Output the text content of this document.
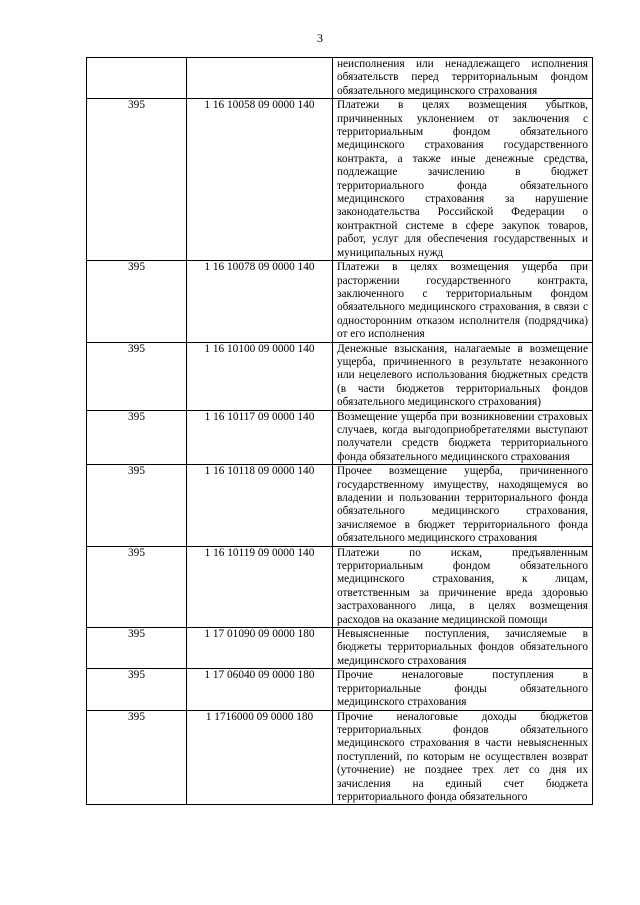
3
		неисполнения или ненадлежащего исполнения обязательств перед территориальным фондом обязательного медицинского страхования
395	1 16 10058 09 0000 140	Платежи в целях возмещения убытков, причиненных уклонением от заключения с территориальным фондом обязательного медицинского страхования государственного контракта, а также иные денежные средства, подлежащие зачислению в бюджет территориального фонда обязательного медицинского страхования за нарушение законодательства Российской Федерации о контрактной системе в сфере закупок товаров, работ, услуг для обеспечения государственных и муниципальных нужд
395	1 16 10078 09 0000 140	Платежи в целях возмещения ущерба при расторжении государственного контракта, заключенного с территориальным фондом обязательного медицинского страхования, в связи с односторонним отказом исполнителя (подрядчика) от его исполнения
395	1 16 10100 09 0000 140	Денежные взыскания, налагаемые в возмещение ущерба, причиненного в результате незаконного или нецелевого использования бюджетных средств (в части бюджетов территориальных фондов обязательного медицинского страхования)
395	1 16 10117 09 0000 140	Возмещение ущерба при возникновении страховых случаев, когда выгодоприобретателями выступают получатели средств бюджета территориального фонда обязательного медицинского страхования
395	1 16 10118 09 0000 140	Прочее возмещение ущерба, причиненного государственному имуществу, находящемуся во владении и пользовании территориального фонда обязательного медицинского страхования, зачисляемое в бюджет территориального фонда обязательного медицинского страхования
395	1 16 10119 09 0000 140	Платежи по искам, предъявленным территориальным фондом обязательного медицинского страхования, к лицам, ответственным за причинение вреда здоровью застрахованного лица, в целях возмещения расходов на оказание медицинской помощи
395	1 17 01090 09 0000 180	Невыясненные поступления, зачисляемые в бюджеты территориальных фондов обязательного медицинского страхования
395	1 17 06040 09 0000 180	Прочие неналоговые поступления в территориальные фонды обязательного медицинского страхования
395	1 1716000 09 0000 180	Прочие неналоговые доходы бюджетов территориальных фондов обязательного медицинского страхования в части невыясненных поступлений, по которым не осуществлен возврат (уточнение) не позднее трех лет со дня их зачисления на единый счет бюджета территориального фонда обязательного
